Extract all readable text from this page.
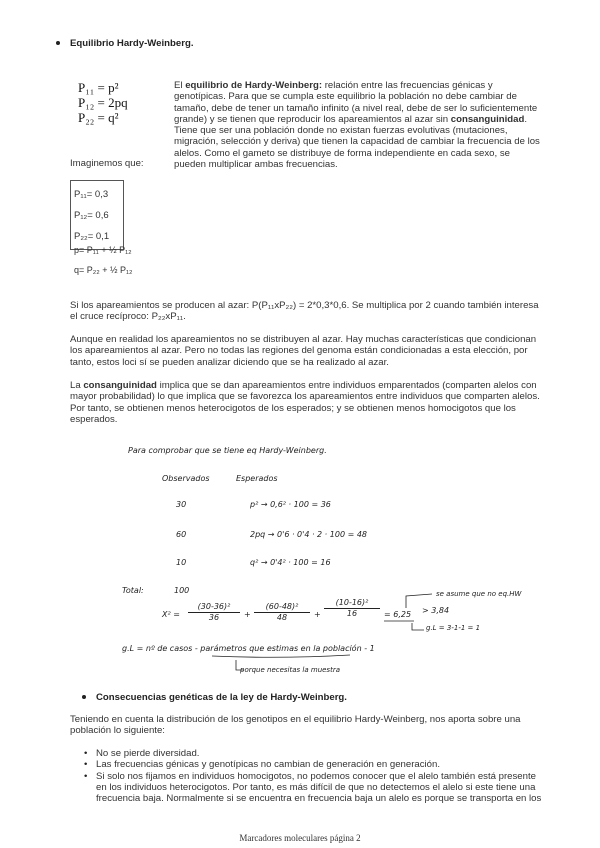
Equilibrio Hardy-Weinberg.
P₁₁ = p²
P₁₂ = 2pq
P₂₂ = q²

El equilibrio de Hardy-Weinberg: relación entre las frecuencias génicas y genotípicas. Para que se cumpla este equilibrio la población no debe cambiar de tamaño, debe de tener un tamaño infinito (a nivel real, debe de ser lo suficientemente grande) y se tienen que reproducir los apareamientos al azar sin consanguinidad. Tiene que ser una población donde no existan fuerzas evolutivas (mutaciones, migración, selección y deriva) que tienen la capacidad de cambiar la frecuencia de los alelos. Como el gameto se distribuye de forma independiente en cada sexo, se pueden multiplicar ambas frecuencias.

Imaginemos que:
P₁₁= 0,3
P₁₂= 0,6
P₂₂= 0,1
p= P₁₁ + ½ P₁₂
q= P₂₂ + ½ P₁₂

Si los apareamientos se producen al azar: P(P₁₁xP₂₂) = 2*0,3*0,6. Se multiplica por 2 cuando también interesa el cruce recíproco: P₂₂xP₁₁.

Aunque en realidad los apareamientos no se distribuyen al azar. Hay muchas características que condicionan los apareamientos al azar. Pero no todas las regiones del genoma están condicionadas a esta elección, por tanto, estos loci sí se pueden analizar diciendo que se ha realizado al azar.

La consanguinidad implica que se dan apareamientos entre individuos emparentados (comparten alelos con mayor probabilidad) lo que implica que se favorezca los apareamientos entre individuos que comparten alelos. Por tanto, se obtienen menos heterocigotos de los esperados; y se obtienen menos homocigotos que los esperados.

Para comprobar que se tiene eq Hardy-Weinberg.
Observados	Esperados
30	p² → 0,6² · 100 = 36
60	2pq → 0'6 · 0'4 · 2 · 100 = 48
10	q² → 0'4² · 100 = 16
Total:	100
X² =
(30-36)²
36	+
(60-48)²
48	+
(10-16)²
16	= 6,25 > 3,84
se asume que no eq.HW
g.L = 3-1-1 = 1
g.L = nº de casos - parámetros que estimas en la población - 1
porque necesitas la muestra
Consecuencias genéticas de la ley de Hardy-Weinberg.

Teniendo en cuenta la distribución de los genotipos en el equilibrio Hardy-Weinberg, nos aporta sobre una población lo siguiente:

• No se pierde diversidad.
• Las frecuencias génicas y genotípicas no cambian de generación en generación.
• Si solo nos fijamos en individuos homocigotos, no podemos conocer que el alelo también está presente en los individuos heterocigotos. Por tanto, es más difícil de que no detectemos el alelo si este tiene una frecuencia baja. Normalmente si se encuentra en frecuencia baja un alelo es porque se transporta en los
Marcadores moleculares página 2
